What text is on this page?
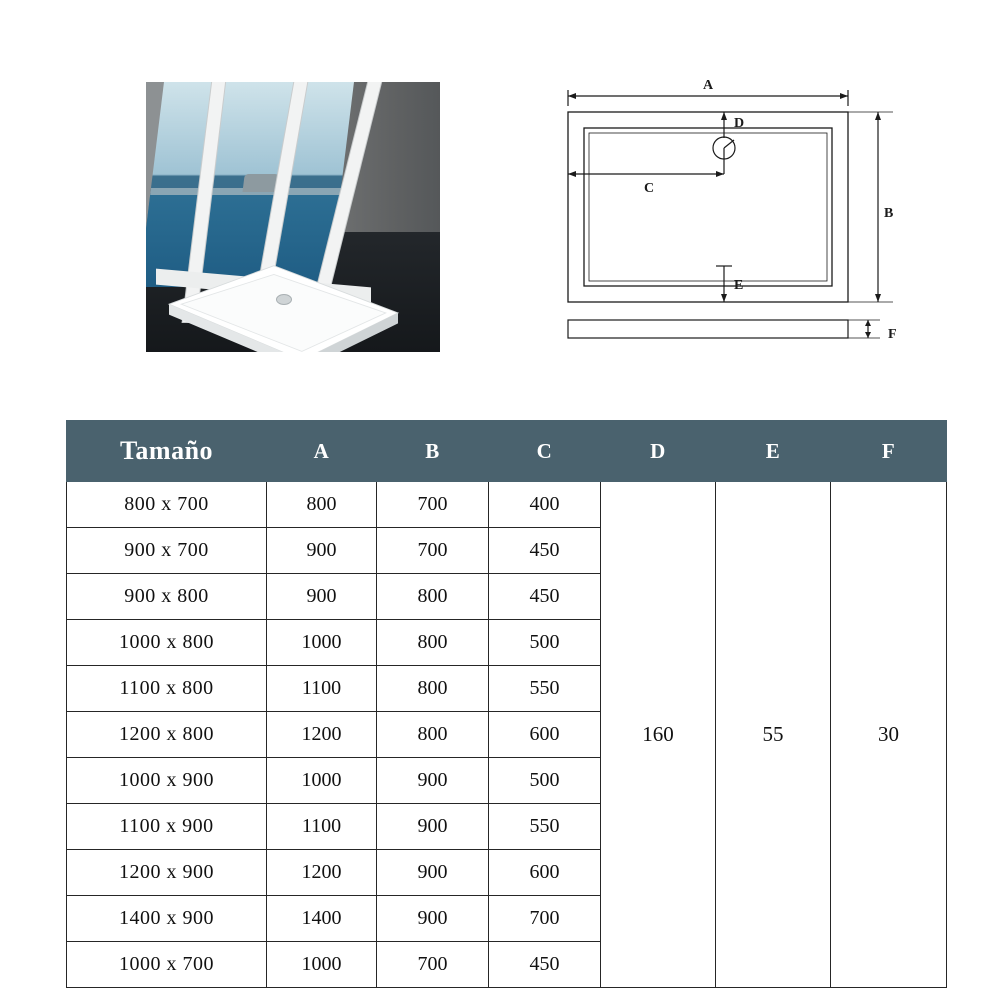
A
B
C
D
E
F
Tamaño	A	B	C	D	E	F
800 x 700	800	700	400	160	55	30
900 x 700	900	700	450			
900 x 800	900	800	450			
1000 x 800	1000	800	500			
1100 x 800	1100	800	550			
1200 x 800	1200	800	600			
1000 x 900	1000	900	500			
1100 x 900	1100	900	550			
1200 x 900	1200	900	600			
1400 x 900	1400	900	700			
1000 x 700	1000	700	450			
